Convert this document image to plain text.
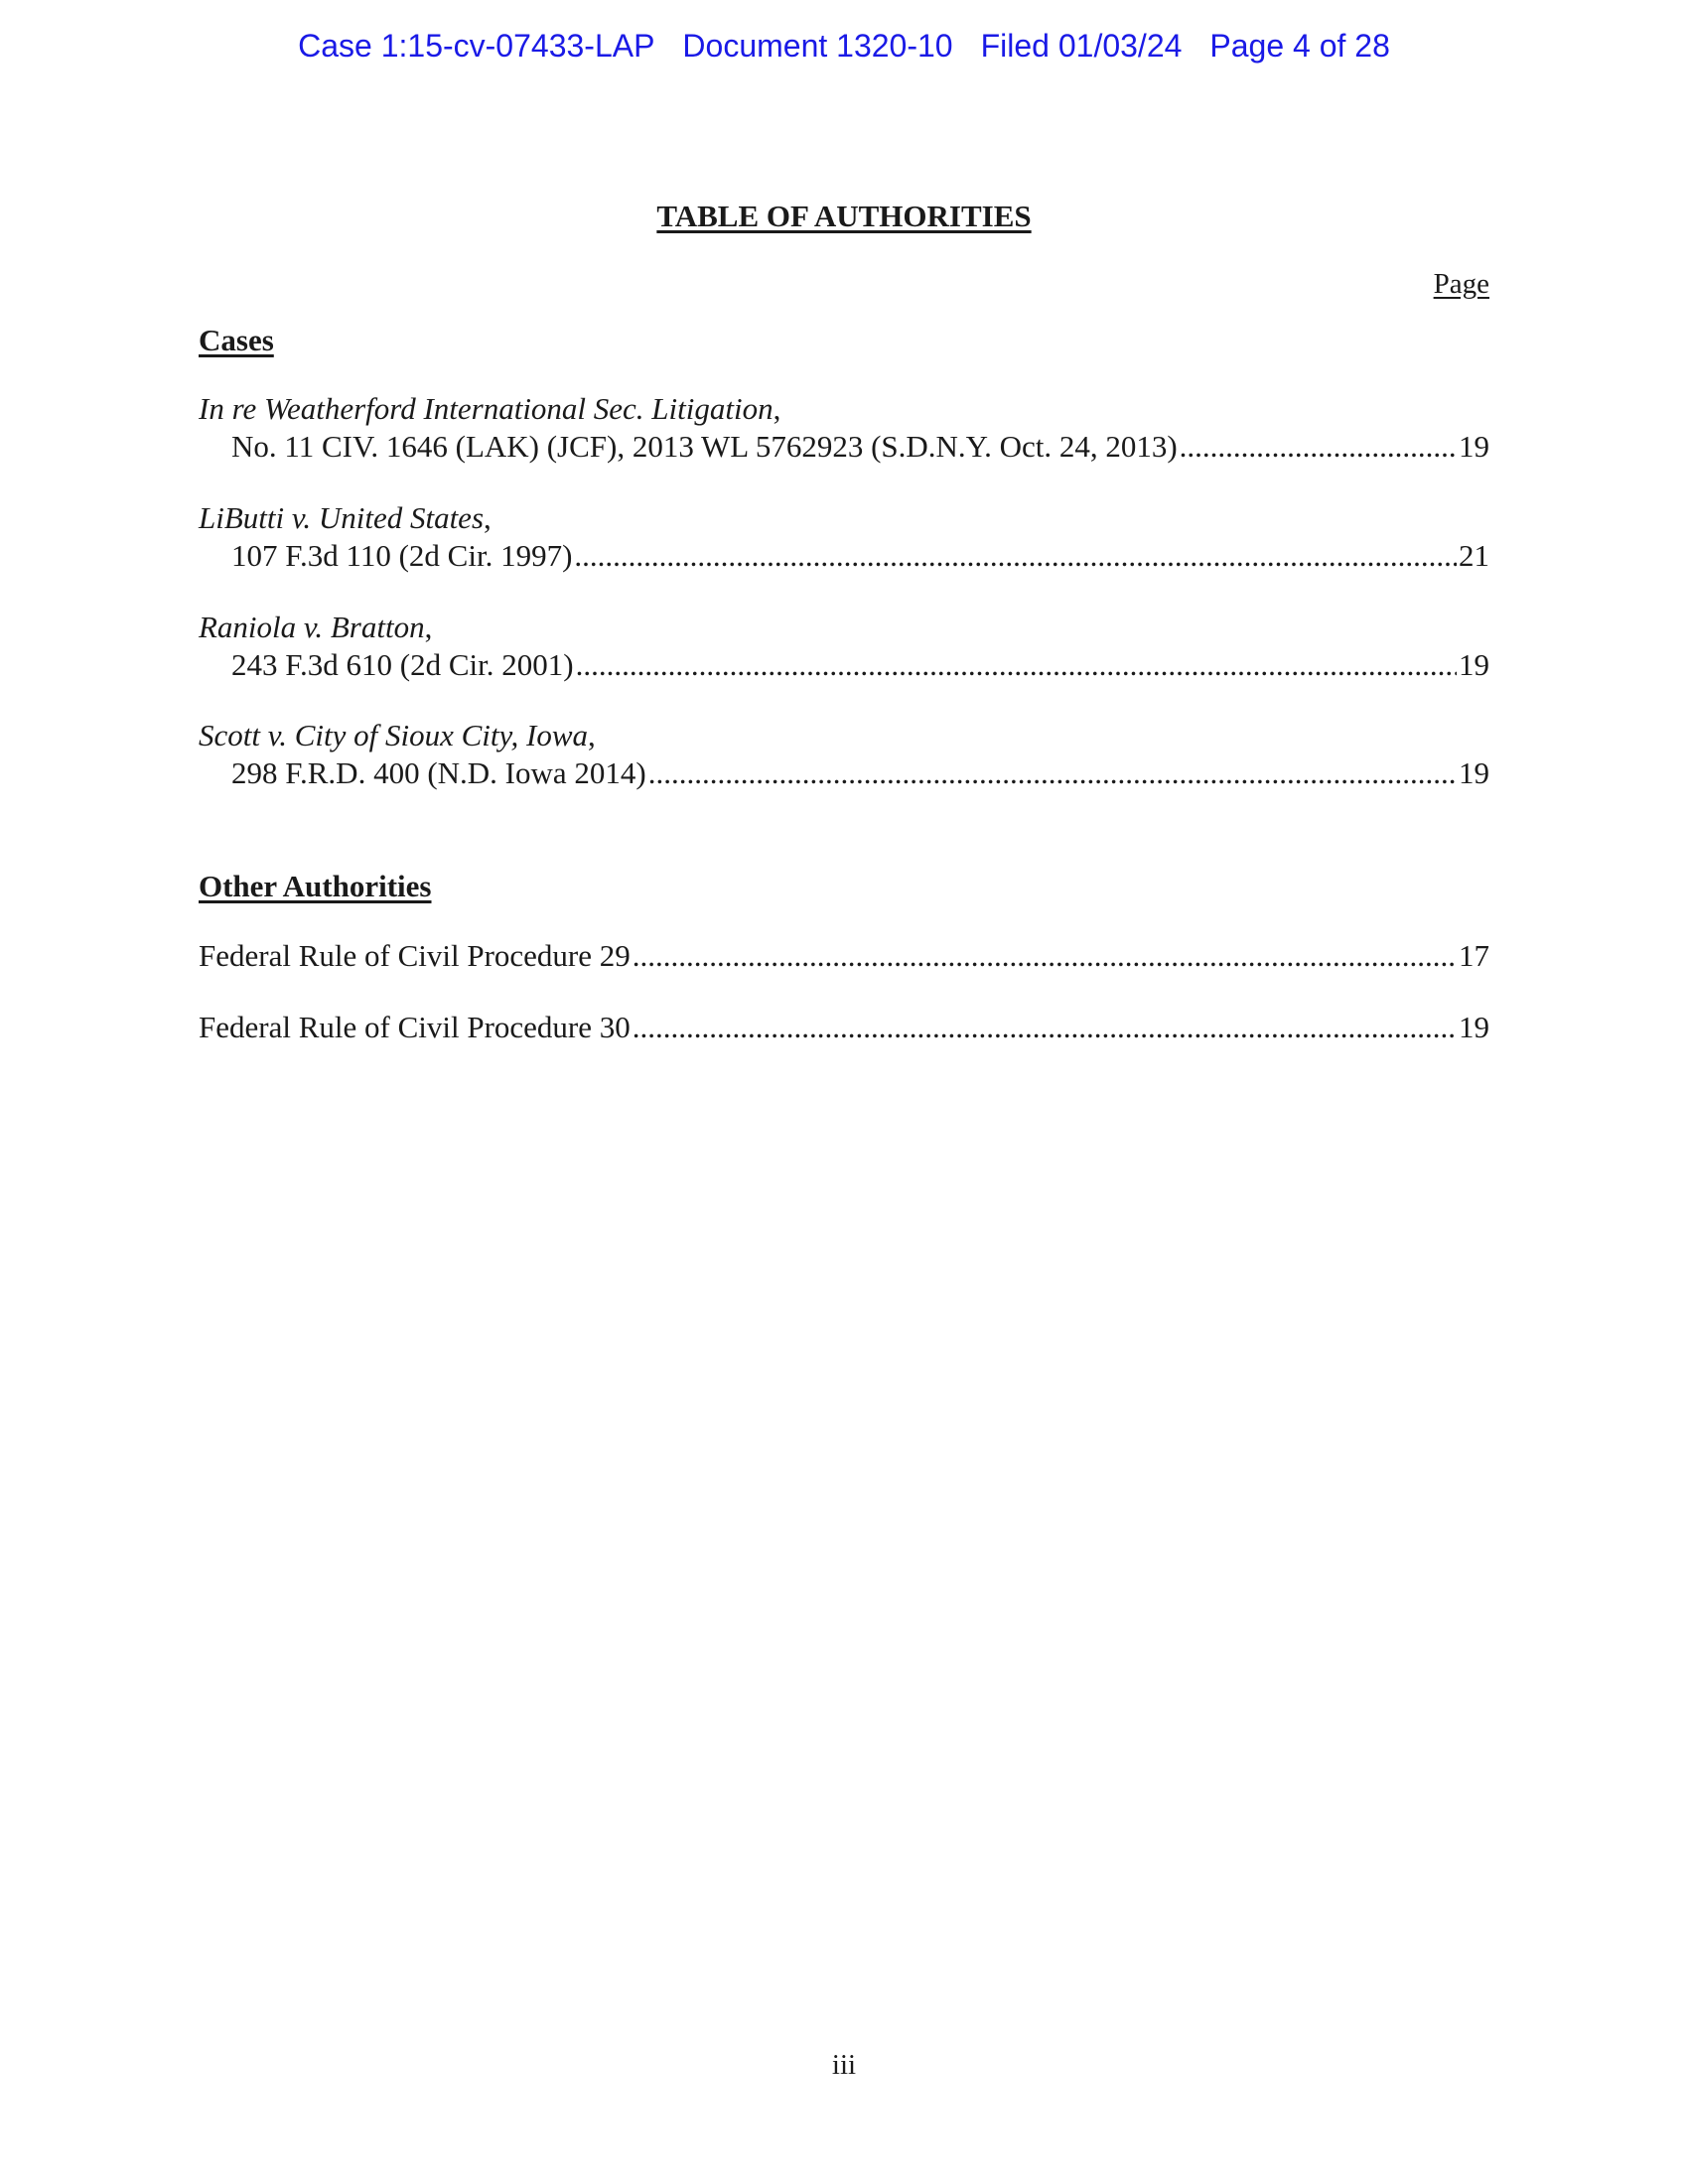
Case 1:15-cv-07433-LAP Document 1320-10 Filed 01/03/24 Page 4 of 28
TABLE OF AUTHORITIES
Page
Cases
In re Weatherford International Sec. Litigation,
No. 11 CIV. 1646 (LAK) (JCF), 2013 WL 5762923 (S.D.N.Y. Oct. 24, 2013) .....	19
LiButti v. United States,
107 F.3d 110 (2d Cir. 1997) .....	21
Raniola v. Bratton,
243 F.3d 610 (2d Cir. 2001) .....	19
Scott v. City of Sioux City, Iowa,
298 F.R.D. 400 (N.D. Iowa 2014) .....	19
Other Authorities
Federal Rule of Civil Procedure 29 .....	17
Federal Rule of Civil Procedure 30 .....	19
iii
